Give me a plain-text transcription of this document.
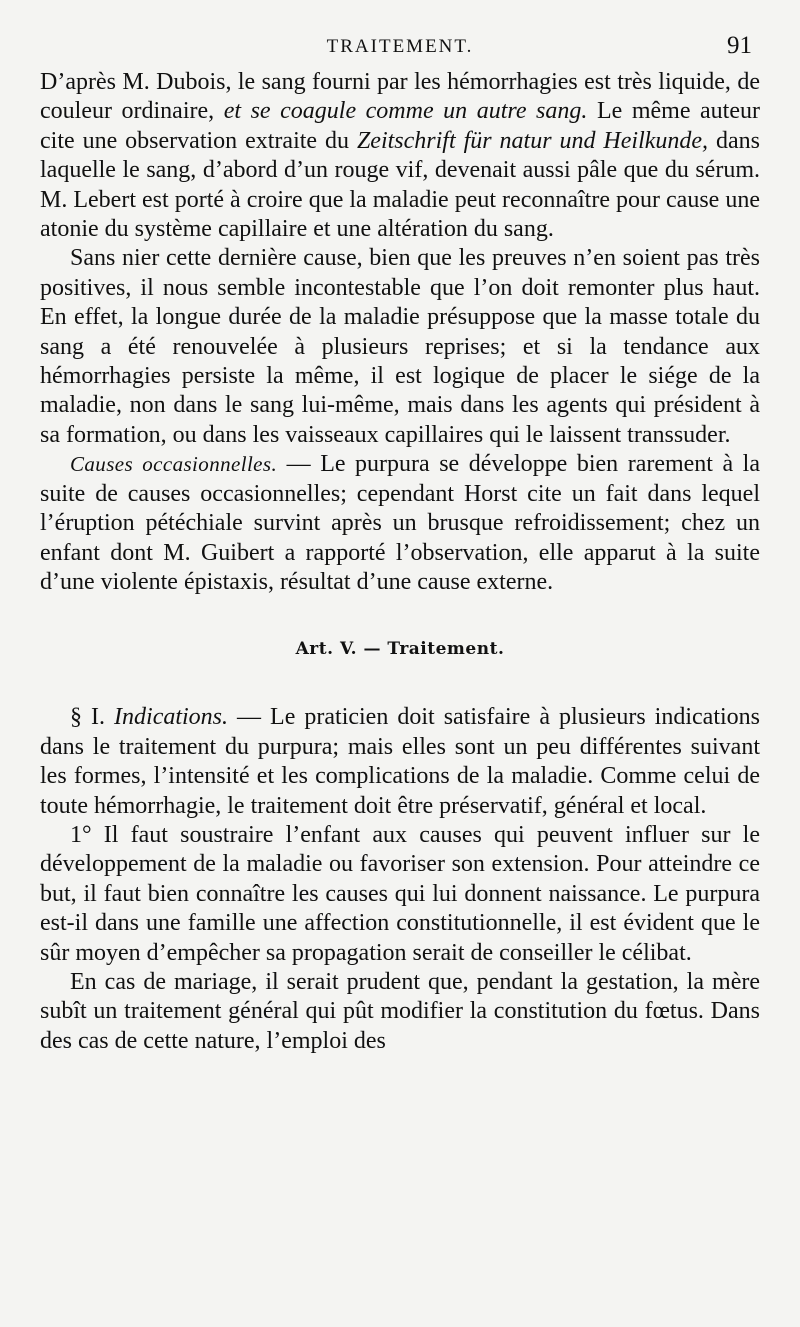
TRAITEMENT.	91

D’après M. Dubois, le sang fourni par les hémorrhagies est très liquide, de couleur ordinaire, et se coagule comme un autre sang. Le même auteur cite une observation extraite du Zeitschrift für natur und Heilkunde, dans laquelle le sang, d’abord d’un rouge vif, devenait aussi pâle que du sérum. M. Lebert est porté à croire que la maladie peut reconnaître pour cause une atonie du système capillaire et une altération du sang.

Sans nier cette dernière cause, bien que les preuves n’en soient pas très positives, il nous semble incontestable que l’on doit remonter plus haut. En effet, la longue durée de la maladie présuppose que la masse totale du sang a été renouvelée à plusieurs reprises; et si la tendance aux hémorrhagies persiste la même, il est logique de placer le siége de la maladie, non dans le sang lui-même, mais dans les agents qui président à sa formation, ou dans les vaisseaux capillaires qui le laissent transsuder.

Causes occasionnelles. — Le purpura se développe bien rarement à la suite de causes occasionnelles; cependant Horst cite un fait dans lequel l’éruption pétéchiale survint après un brusque refroidissement; chez un enfant dont M. Guibert a rapporté l’observation, elle apparut à la suite d’une violente épistaxis, résultat d’une cause externe.

Art. V. — Traitement.

§ I. Indications. — Le praticien doit satisfaire à plusieurs indications dans le traitement du purpura; mais elles sont un peu différentes suivant les formes, l’intensité et les complications de la maladie. Comme celui de toute hémorrhagie, le traitement doit être préservatif, général et local.

1° Il faut soustraire l’enfant aux causes qui peuvent influer sur le développement de la maladie ou favoriser son extension. Pour atteindre ce but, il faut bien connaître les causes qui lui donnent naissance. Le purpura est-il dans une famille une affection constitutionnelle, il est évident que le sûr moyen d’empêcher sa propagation serait de conseiller le célibat.

En cas de mariage, il serait prudent que, pendant la gestation, la mère subît un traitement général qui pût modifier la constitution du fœtus. Dans des cas de cette nature, l’emploi des
